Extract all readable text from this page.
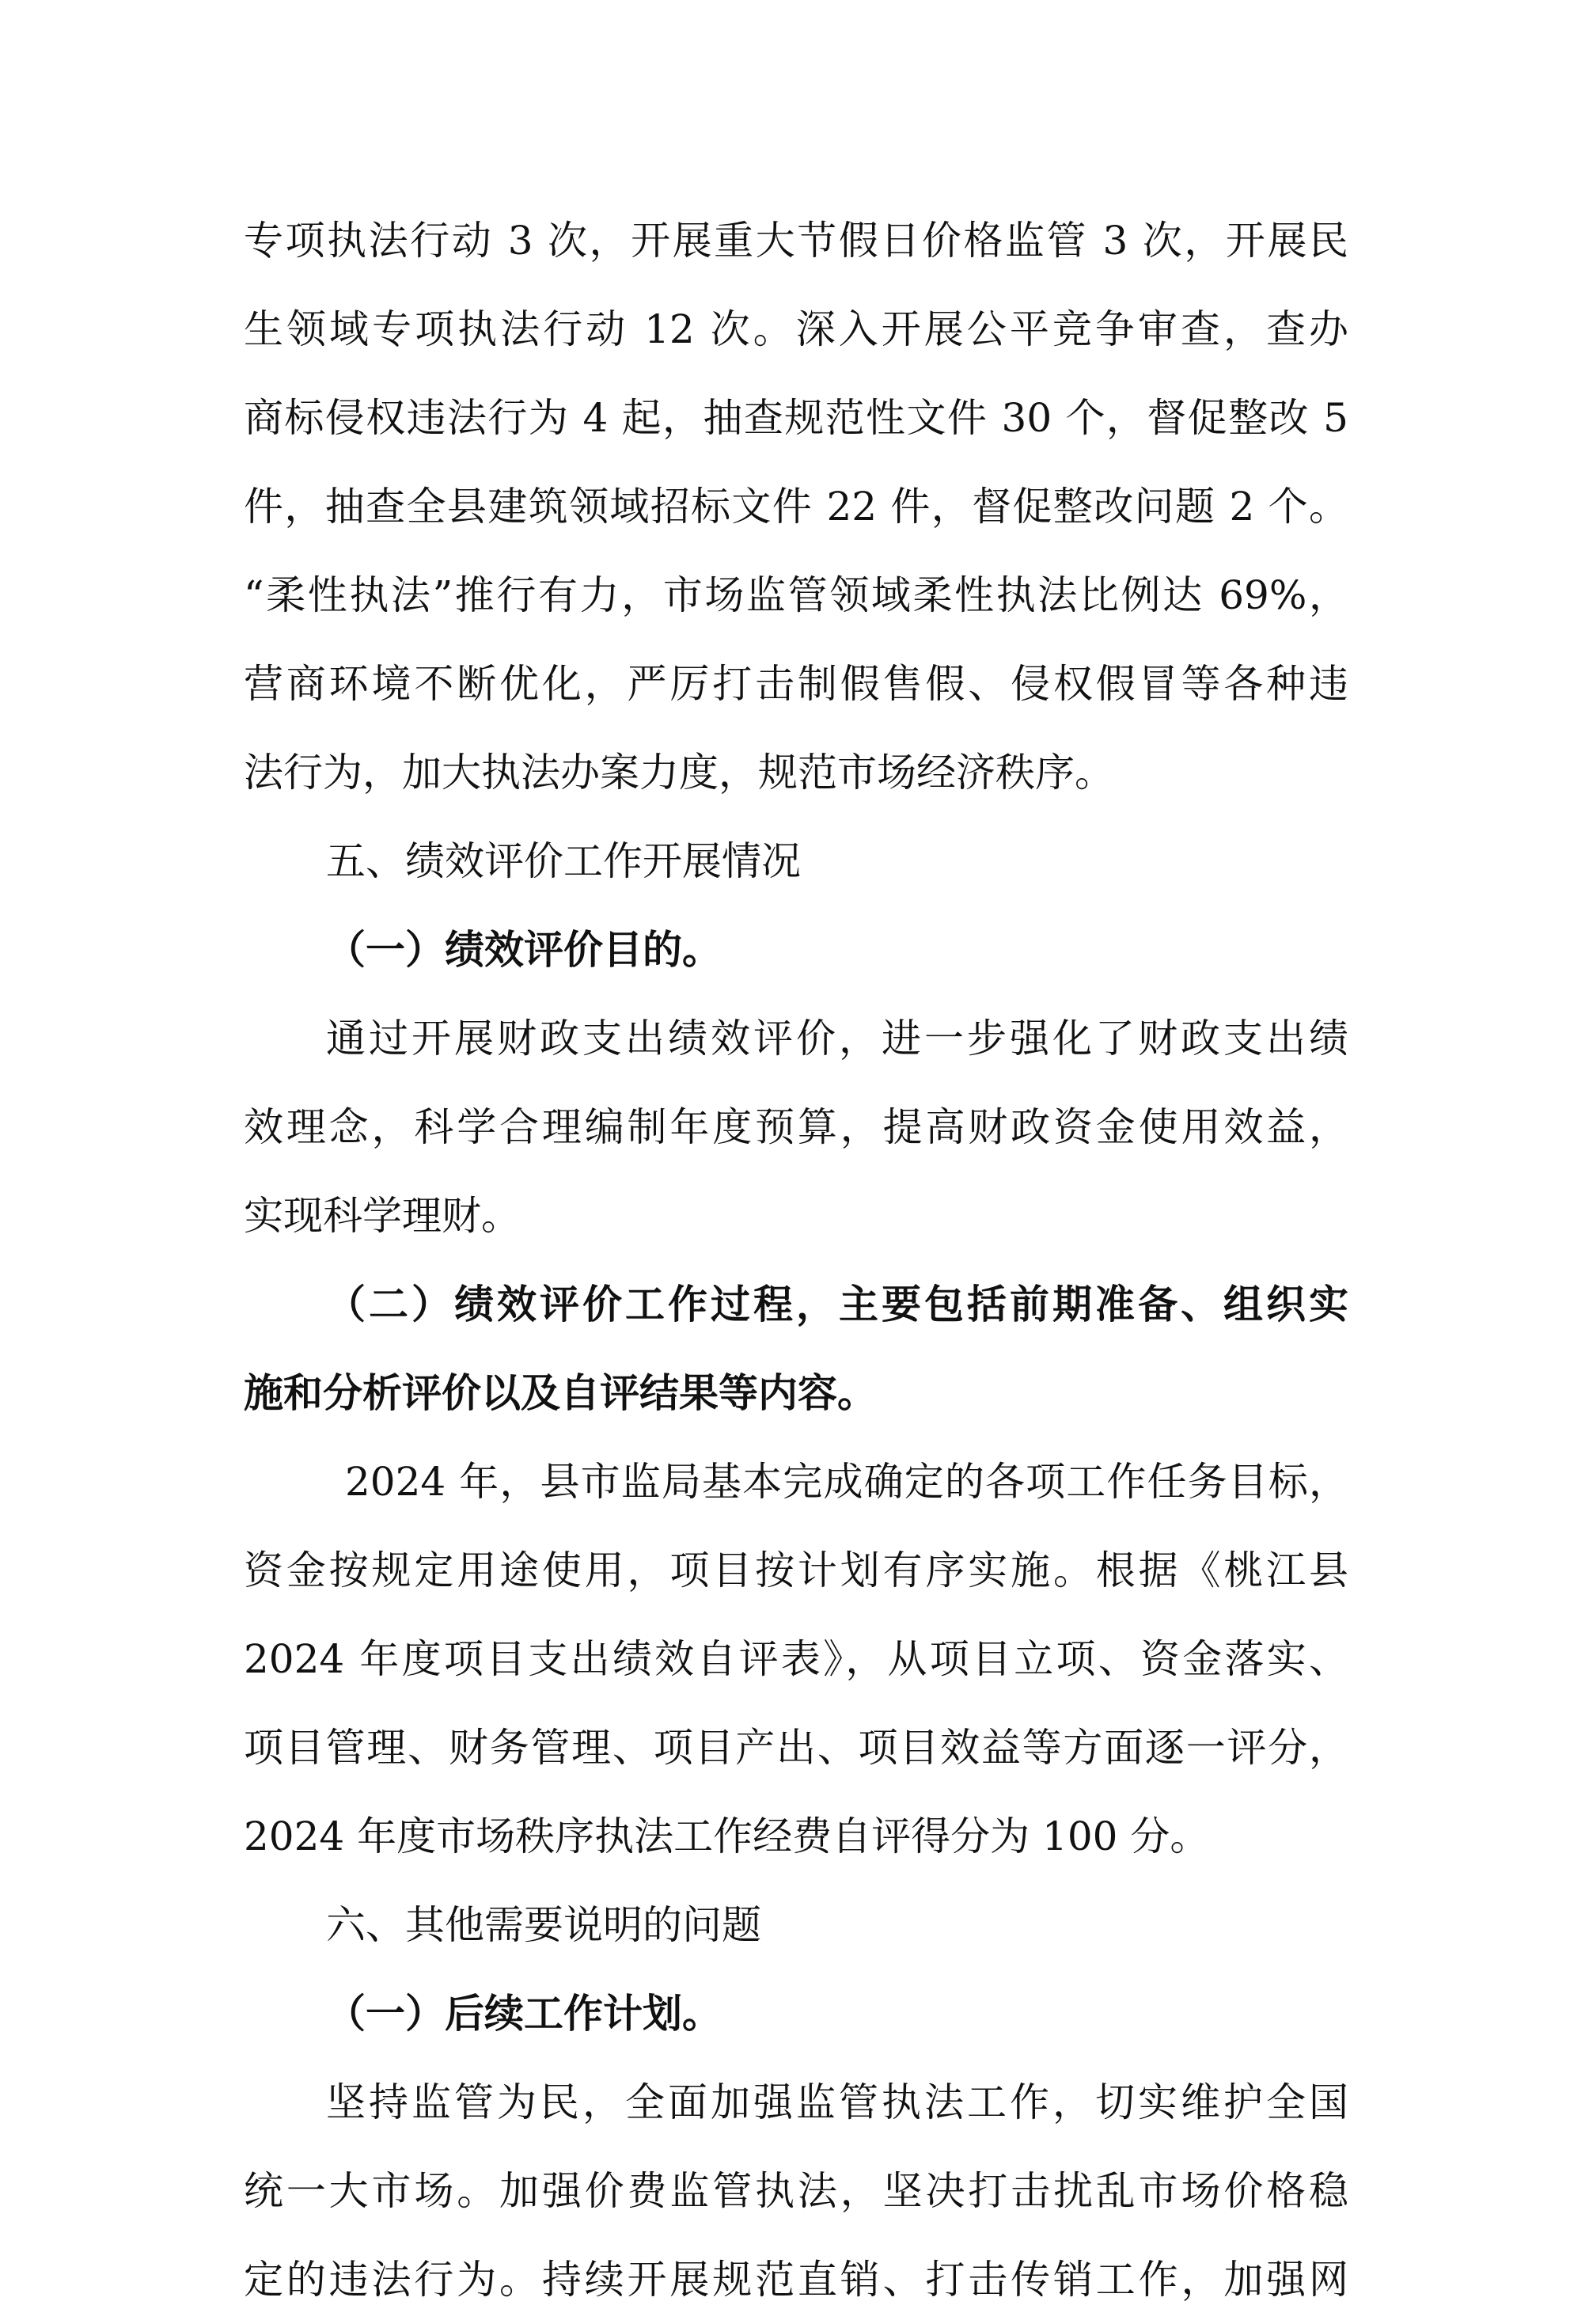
专项执法行动 3 次，开展重大节假日价格监管 3 次，开展民
生领域专项执法行动 12 次。深入开展公平竞争审查，查办
商标侵权违法行为 4 起，抽查规范性文件 30 个，督促整改 5
件，抽查全县建筑领域招标文件 22 件，督促整改问题 2 个。
“柔性执法”推行有力，市场监管领域柔性执法比例达 69%，
营商环境不断优化，严厉打击制假售假、侵权假冒等各种违
法行为，加大执法办案力度，规范市场经济秩序。
五、绩效评价工作开展情况
（一）绩效评价目的。
通过开展财政支出绩效评价，进一步强化了财政支出绩
效理念，科学合理编制年度预算，提高财政资金使用效益，
实现科学理财。
（二）绩效评价工作过程，主要包括前期准备、组织实
施和分析评价以及自评结果等内容。
2024 年，县市监局基本完成确定的各项工作任务目标，
资金按规定用途使用，项目按计划有序实施。根据《桃江县
2024 年度项目支出绩效自评表》，从项目立项、资金落实、
项目管理、财务管理、项目产出、项目效益等方面逐一评分，
2024 年度市场秩序执法工作经费自评得分为 100 分。
六、其他需要说明的问题
（一）后续工作计划。
坚持监管为民，全面加强监管执法工作，切实维护全国
统一大市场。加强价费监管执法，坚决打击扰乱市场价格稳
定的违法行为。持续开展规范直销、打击传销工作，加强网
